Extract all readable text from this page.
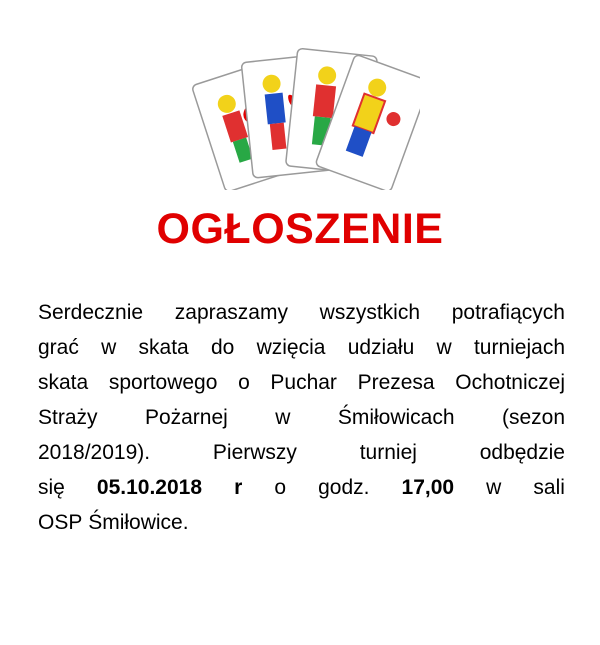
OGŁOSZENIE
Serdecznie zapraszamy wszystkich potrafiących
grać w skata do wzięcia udziału w turniejach
skata sportowego o Puchar Prezesa Ochotniczej
Straży Pożarnej w Śmiłowicach (sezon
2018/2019).	Pierwszy	turniej	odbędzie
się 05.10.2018 r o godz. 17,00 w sali
OSP
Śmiłowice.
